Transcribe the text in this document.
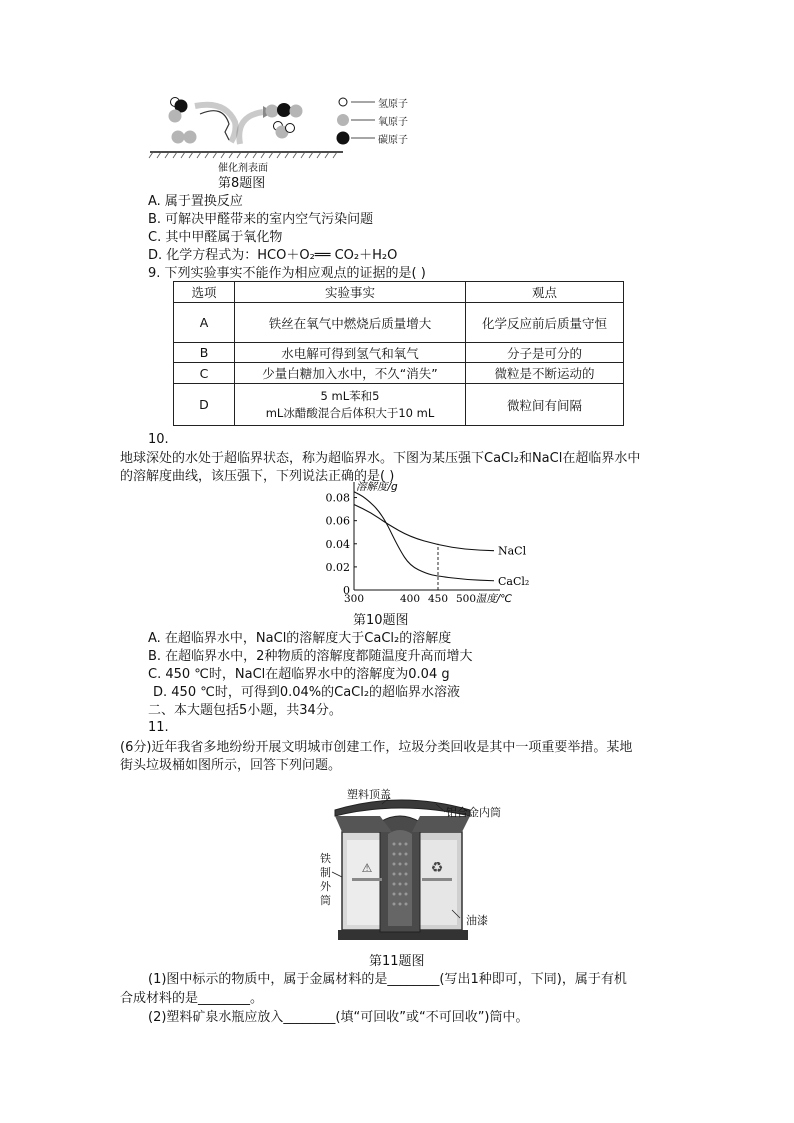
氢原子
氧原子
碳原子
催化剂表面
第8题图
A. 属于置换反应
B. 可解决甲醛带来的室内空气污染问题
C. 其中甲醛属于氧化物
D. 化学方程式为：HCO＋O₂══ CO₂＋H₂O
9. 下列实验事实不能作为相应观点的证据的是( )
选项	实验事实	观点
A	铁丝在氧气中燃烧后质量增大	化学反应前后质量守恒
B	水电解可得到氢气和氧气	分子是可分的
C	少量白糖加入水中，不久“消失”	微粒是不断运动的
D	5 mL苯和5
mL冰醋酸混合后体积大于10 mL	微粒间有间隔
10.
地球深处的水处于超临界状态，称为超临界水。下图为某压强下CaCl₂和NaCl在超临界水中
的溶解度曲线，该压强下，下列说法正确的是( )
0
0.02
0.04
0.06
0.08
300	400 450 500
溶解度/g
温度/℃
NaCl
CaCl₂
第10题图
A. 在超临界水中，NaCl的溶解度大于CaCl₂的溶解度
B. 在超临界水中，2种物质的溶解度都随温度升高而增大
C. 450 ℃时，NaCl在超临界水中的溶解度为0.04 g
D. 450 ℃时，可得到0.04%的CaCl₂的超临界水溶液
二、本大题包括5小题，共34分。
11.
(6分)近年我省多地纷纷开展文明城市创建工作，垃圾分类回收是其中一项重要举措。某地
街头垃圾桶如图所示，回答下列问题。
⚠	♻
塑料顶盖
铝合金内筒
铁制外筒
油漆
第11题图
(1)图中标示的物质中，属于金属材料的是________(写出1种即可，下同)，属于有机
合成材料的是________。
(2)塑料矿泉水瓶应放入________(填“可回收”或“不可回收”)筒中。
